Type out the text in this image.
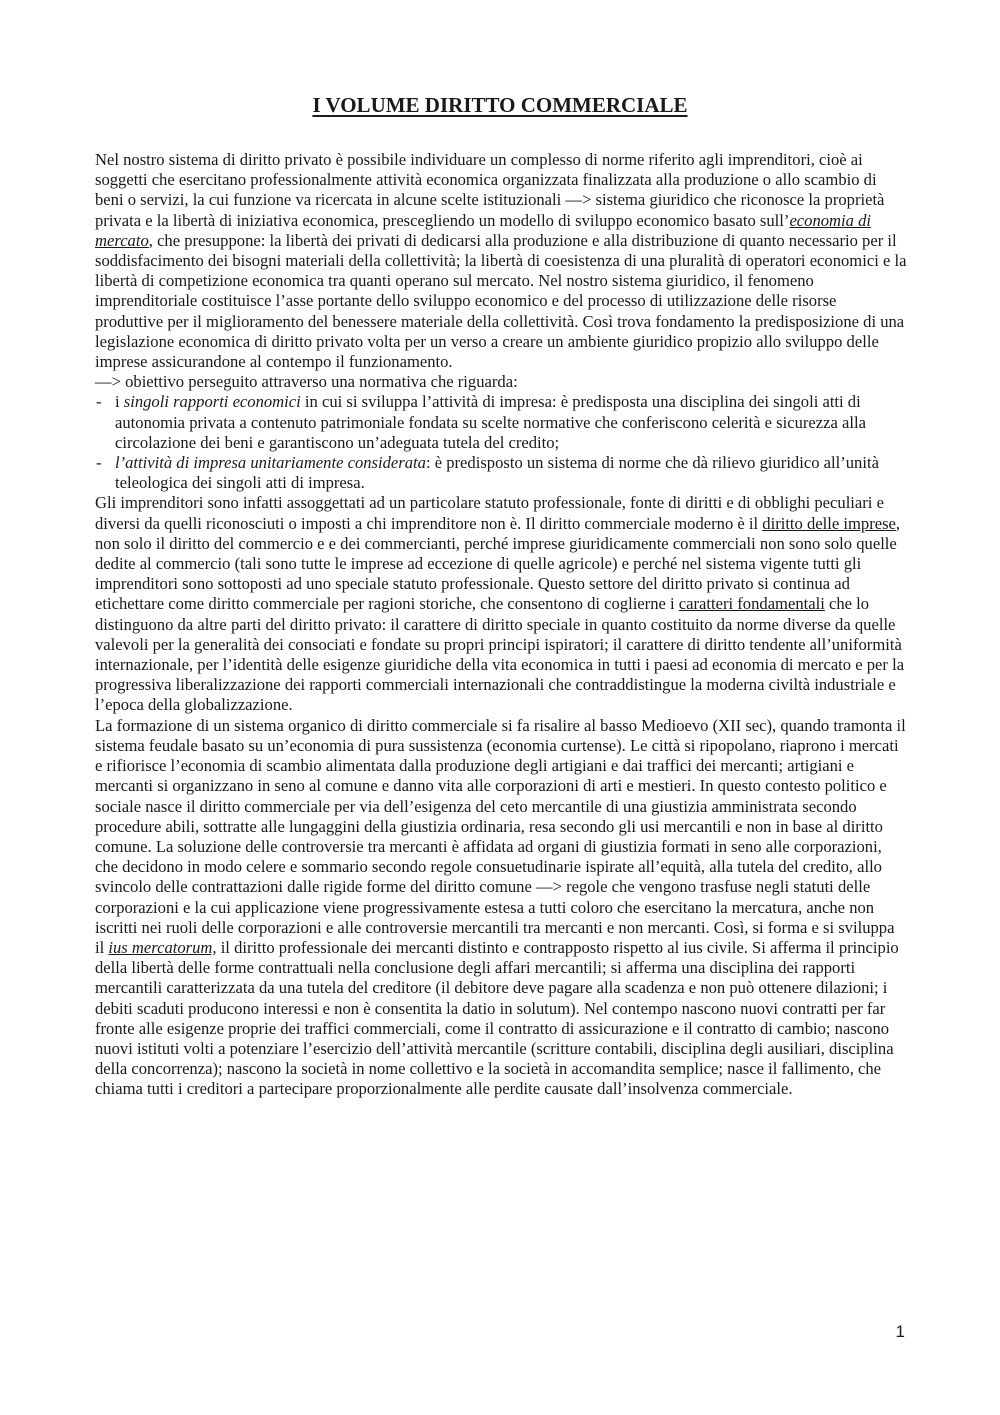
I VOLUME DIRITTO COMMERCIALE

Nel nostro sistema di diritto privato è possibile individuare un complesso di norme riferito agli imprenditori, cioè ai soggetti che esercitano professionalmente attività economica organizzata finalizzata alla produzione o allo scambio di beni o servizi, la cui funzione va ricercata in alcune scelte istituzionali —> sistema giuridico che riconosce la proprietà privata e la libertà di iniziativa economica, prescegliendo un modello di sviluppo economico basato sull’economia di mercato, che presuppone: la libertà dei privati di dedicarsi alla produzione e alla distribuzione di quanto necessario per il soddisfacimento dei bisogni materiali della collettività; la libertà di coesistenza di una pluralità di operatori economici e la libertà di competizione economica tra quanti operano sul mercato. Nel nostro sistema giuridico, il fenomeno imprenditoriale costituisce l’asse portante dello sviluppo economico e del processo di utilizzazione delle risorse produttive per il miglioramento del benessere materiale della collettività. Così trova fondamento la predisposizione di una legislazione economica di diritto privato volta per un verso a creare un ambiente giuridico propizio allo sviluppo delle imprese assicurandone al contempo il funzionamento.

—> obiettivo perseguito attraverso una normativa che riguarda:

- i singoli rapporti economici in cui si sviluppa l’attività di impresa: è predisposta una disciplina dei singoli atti di autonomia privata a contenuto patrimoniale fondata su scelte normative che conferiscono celerità e sicurezza alla circolazione dei beni e garantiscono un’adeguata tutela del credito;
- l’attività di impresa unitariamente considerata: è predisposto un sistema di norme che dà rilievo giuridico all’unità teleologica dei singoli atti di impresa.

Gli imprenditori sono infatti assoggettati ad un particolare statuto professionale, fonte di diritti e di obblighi peculiari e diversi da quelli riconosciuti o imposti a chi imprenditore non è. Il diritto commerciale moderno è il diritto delle imprese, non solo il diritto del commercio e e dei commercianti, perché imprese giuridicamente commerciali non sono solo quelle dedite al commercio (tali sono tutte le imprese ad eccezione di quelle agricole) e perché nel sistema vigente tutti gli imprenditori sono sottoposti ad uno speciale statuto professionale. Questo settore del diritto privato si continua ad etichettare come diritto commerciale per ragioni storiche, che consentono di coglierne i caratteri fondamentali che lo distinguono da altre parti del diritto privato: il carattere di diritto speciale in quanto costituito da norme diverse da quelle valevoli per la generalità dei consociati e fondate su propri principi ispiratori; il carattere di diritto tendente all’uniformità internazionale, per l’identità delle esigenze giuridiche della vita economica in tutti i paesi ad economia di mercato e per la progressiva liberalizzazione dei rapporti commerciali internazionali che contraddistingue la moderna civiltà industriale e l’epoca della globalizzazione.

La formazione di un sistema organico di diritto commerciale si fa risalire al basso Medioevo (XII sec), quando tramonta il sistema feudale basato su un’economia di pura sussistenza (economia curtense). Le città si ripopolano, riaprono i mercati e rifiorisce l’economia di scambio alimentata dalla produzione degli artigiani e dai traffici dei mercanti; artigiani e mercanti si organizzano in seno al comune e danno vita alle corporazioni di arti e mestieri. In questo contesto politico e sociale nasce il diritto commerciale per via dell’esigenza del ceto mercantile di una giustizia amministrata secondo procedure abili, sottratte alle lungaggini della giustizia ordinaria, resa secondo gli usi mercantili e non in base al diritto comune. La soluzione delle controversie tra mercanti è affidata ad organi di giustizia formati in seno alle corporazioni, che decidono in modo celere e sommario secondo regole consuetudinarie ispirate all’equità, alla tutela del credito, allo svincolo delle contrattazioni dalle rigide forme del diritto comune —> regole che vengono trasfuse negli statuti delle corporazioni e la cui applicazione viene progressivamente estesa a tutti coloro che esercitano la mercatura, anche non iscritti nei ruoli delle corporazioni e alle controversie mercantili tra mercanti e non mercanti. Così, si forma e si sviluppa il ius mercatorum, il diritto professionale dei mercanti distinto e contrapposto rispetto al ius civile. Si afferma il principio della libertà delle forme contrattuali nella conclusione degli affari mercantili; si afferma una disciplina dei rapporti mercantili caratterizzata da una tutela del creditore (il debitore deve pagare alla scadenza e non può ottenere dilazioni; i debiti scaduti producono interessi e non è consentita la datio in solutum). Nel contempo nascono nuovi contratti per far fronte alle esigenze proprie dei traffici commerciali, come il contratto di assicurazione e il contratto di cambio; nascono nuovi istituti volti a potenziare l’esercizio dell’attività mercantile (scritture contabili, disciplina degli ausiliari, disciplina della concorrenza); nascono la società in nome collettivo e la società in accomandita semplice; nasce il fallimento, che chiama tutti i creditori a partecipare proporzionalmente alle perdite causate dall’insolvenza commerciale.

1
